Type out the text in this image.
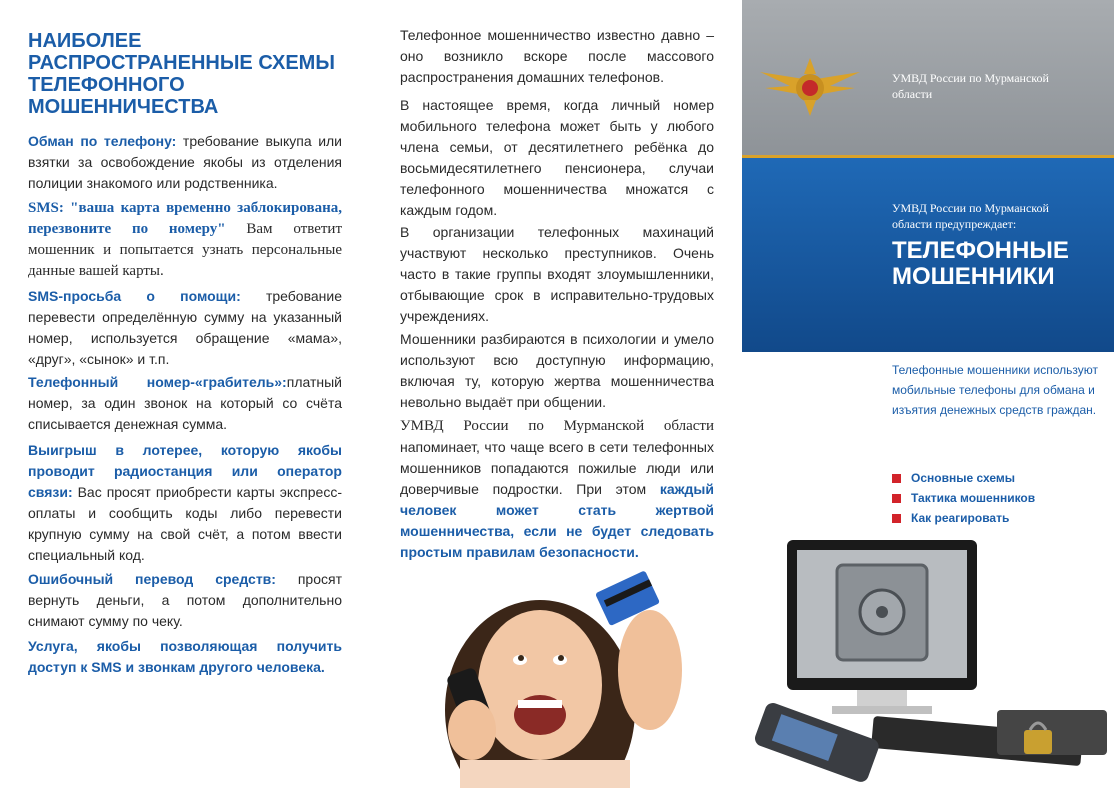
НАИБОЛЕЕ РАСПРОСТРАНЕННЫЕ СХЕМЫ ТЕЛЕФОННОГО МОШЕННИЧЕСТВА

Обман по телефону: требование выкупа или взятки за освобождение якобы из отделения полиции знакомого или родственника.

SMS: "ваша карта временно заблокирована, перезвоните по номеру" Вам ответит мошенник и попытается узнать персональные данные вашей карты.

SMS-просьба о помощи: требование перевести определённую сумму на указанный номер, используется обращение «мама», «друг», «сынок» и т.п.

Телефонный номер-«грабитель»:платный номер, за один звонок на который со счёта списывается денежная сумма.

Выигрыш в лотерее, которую якобы проводит радиостанция или оператор связи: Вас просят приобрести карты экспресс-оплаты и сообщить коды либо перевести крупную сумму на свой счёт, а потом ввести специальный код.

Ошибочный перевод средств: просят вернуть деньги, а потом дополнительно снимают сумму по чеку.

Услуга, якобы позволяющая получить доступ к SMS и звонкам другого человека.

Телефонное мошенничество известно давно – оно возникло вскоре после массового распространения домашних телефонов.

В настоящее время, когда личный номер мобильного телефона может быть у любого члена семьи, от десятилетнего ребёнка до восьмидесятилетнего пенсионера, случаи телефонного мошенничества множатся с каждым годом.

В организации телефонных махинаций участвуют несколько преступников. Очень часто в такие группы входят злоумышленники, отбывающие срок в исправительно-трудовых учреждениях.

Мошенники разбираются в психологии и умело используют всю доступную информацию, включая ту, которую жертва мошенничества невольно выдаёт при общении.

УМВД России по Мурманской области напоминает, что чаще всего в сети телефонных мошенников попадаются пожилые люди или доверчивые подростки. При этом каждый человек может стать жертвой мошенничества, если не будет следовать простым правилам безопасности.

УМВД России по Мурманской области
УМВД России по Мурманской области предупреждает:
ТЕЛЕФОННЫЕ МОШЕННИКИ
Телефонные мошенники используют мобильные телефоны для обмана и изъятия денежных средств граждан.
Основные схемы
Тактика мошенников
Как реагировать
